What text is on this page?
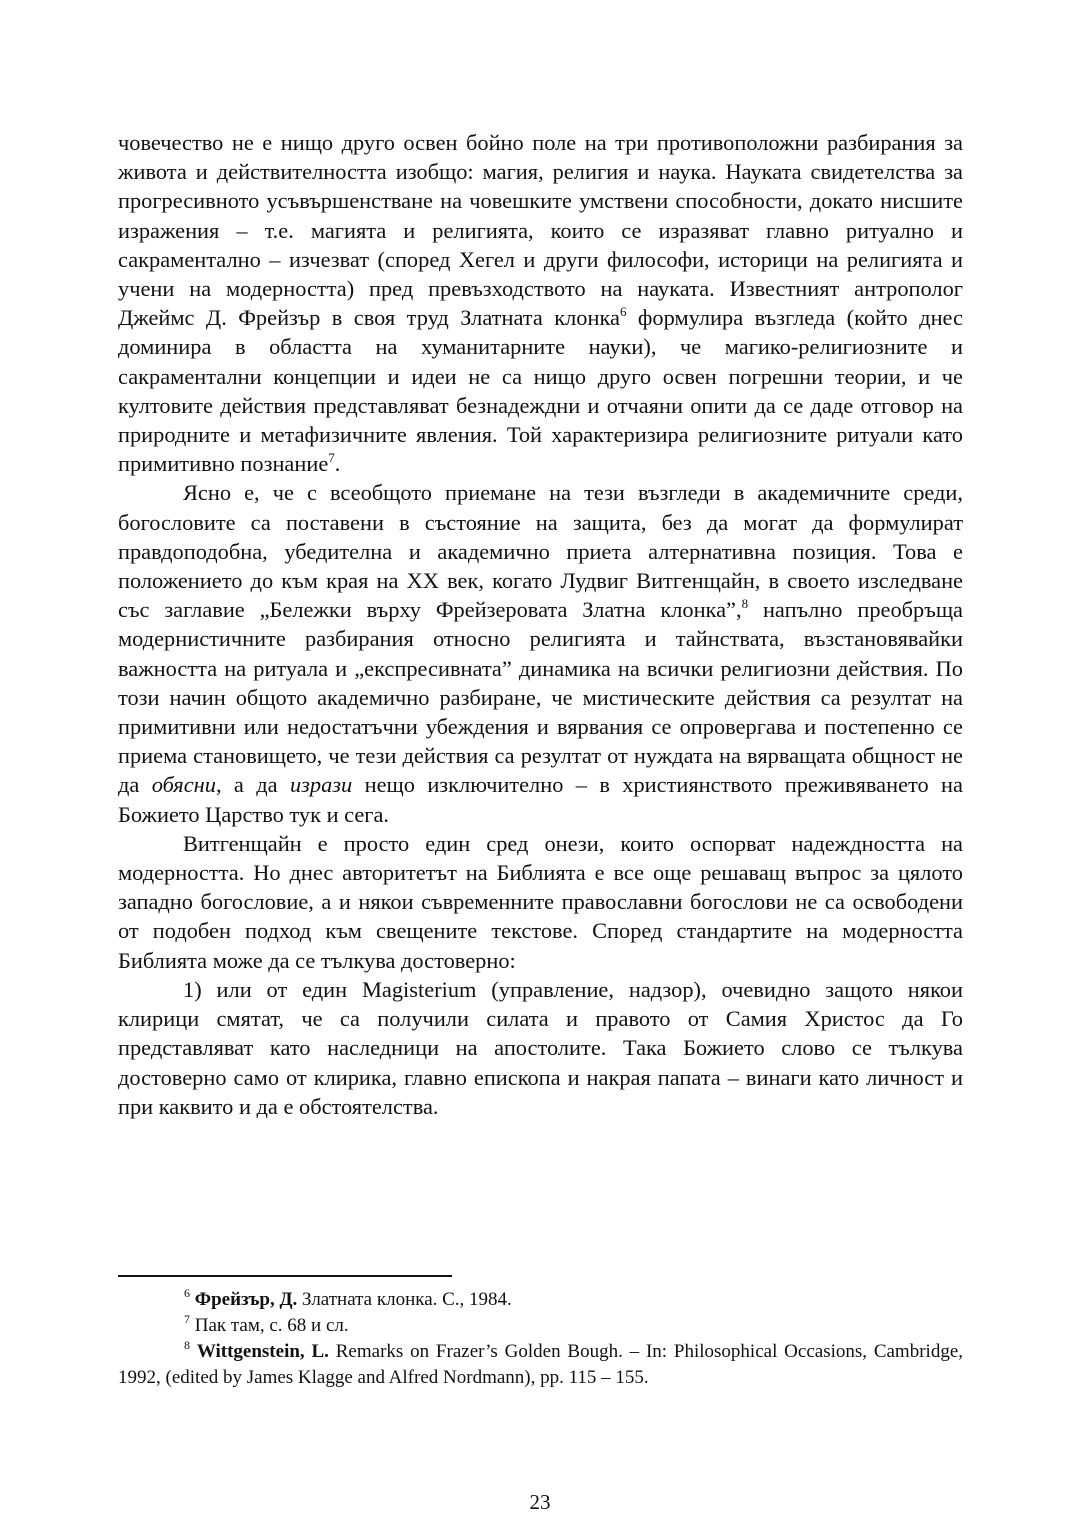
човечество не е нищо друго освен бойно поле на три противоположни разбирания за живота и действителността изобщо: магия, религия и наука. Науката свидетелства за прогресивното усъвършенстване на човешките умствени способности, докато нисшите изражения – т.е. магията и религията, които се изразяват главно ритуално и сакраментално – изчезват (според Хегел и други философи, историци на религията и учени на модерността) пред превъзходството на науката. Известният антрополог Джеймс Д. Фрейзър в своя труд Златната клонка$^6$ формулира възгледа (който днес доминира в областта на хуманитарните науки), че магико-религиозните и сакраментални концепции и идеи не са нищо друго освен погрешни теории, и че култовите действия представляват безнадеждни и отчаяни опити да се даде отговор на природните и метафизичните явления. Той характеризира религиозните ритуали като примитивно познание$^7$.

Ясно е, че с всеобщото приемане на тези възгледи в академичните среди, богословите са поставени в състояние на защита, без да могат да формулират правдоподобна, убедителна и академично приета алтернативна позиция. Това е положението до към края на XX век, когато Лудвиг Витгенщайн, в своето изследване със заглавие „Бележки върху Фрейзеровата Златна клонка”,$^8$ напълно преобръща модернистичните разбирания относно религията и тайнствата, възстановявайки важността на ритуала и „експресивната” динамика на всички религиозни действия. По този начин общото академично разбиране, че мистическите действия са резултат на примитивни или недостатъчни убеждения и вярвания се опровергава и постепенно се приема становището, че тези действия са резултат от нуждата на вярващата общност не да обясни, а да изрази нещо изключително – в християнството преживяването на Божието Царство тук и сега.

Витгенщайн е просто един сред онези, които оспорват надеждността на модерността. Но днес авторитетът на Библията е все още решаващ въпрос за цялото западно богословие, а и някои съвременните православни богослови не са освободени от подобен подход към свещените текстове. Според стандартите на модерността Библията може да се тълкува достоверно:

1) или от един Magisterium (управление, надзор), очевидно защото някои клирици смятат, че са получили силата и правото от Самия Христос да Го представляват като наследници на апостолите. Така Божието слово се тълкува достоверно само от клирика, главно епископа и накрая папата – винаги като личност и при каквито и да е обстоятелства.

$^6$ Фрейзър, Д. Златната клонка. С., 1984.

$^7$ Пак там, с. 68 и сл.

$^8$ Wittgenstein, L. Remarks on Frazer’s Golden Bough. – In: Philosophical Occasions, Cambridge, 1992, (edited by James Klagge and Alfred Nordmann), pp. 115 – 155.

23
